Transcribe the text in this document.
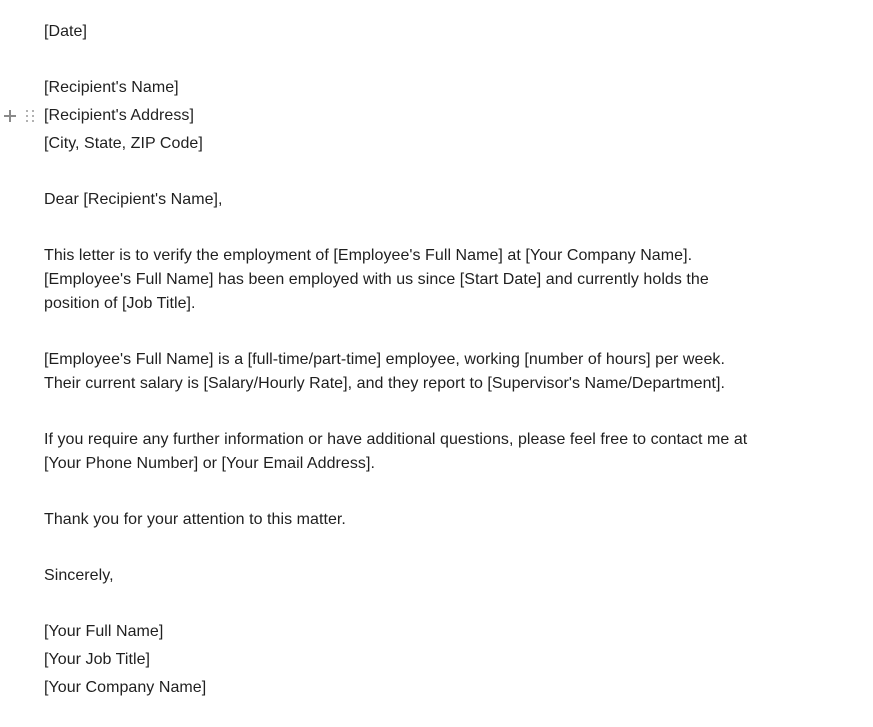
[Date]
[Recipient's Name]
[Recipient's Address]
[City, State, ZIP Code]
Dear [Recipient's Name],
This letter is to verify the employment of [Employee's Full Name] at [Your Company Name].
[Employee's Full Name] has been employed with us since [Start Date] and currently holds the
position of [Job Title].
[Employee's Full Name] is a [full-time/part-time] employee, working [number of hours] per week.
Their current salary is [Salary/Hourly Rate], and they report to [Supervisor's Name/Department].
If you require any further information or have additional questions, please feel free to contact me at
[Your Phone Number] or [Your Email Address].
Thank you for your attention to this matter.
Sincerely,
[Your Full Name]
[Your Job Title]
[Your Company Name]
